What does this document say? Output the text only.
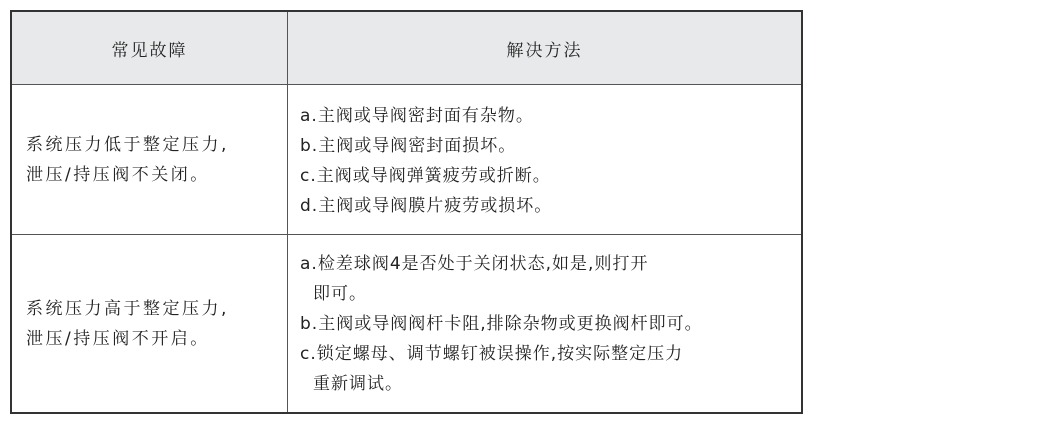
常见故障	解决方法
系统压力低于整定压力,
泄压/持压阀不关闭。
a.主阀或导阀密封面有杂物。
b.主阀或导阀密封面损坏。
c.主阀或导阀弹簧疲劳或折断。
d.主阀或导阀膜片疲劳或损坏。
系统压力高于整定压力,
泄压/持压阀不开启。
a.检差球阀4是否处于关闭状态,如是,则打开
即可。
b.主阀或导阀阀杆卡阻,排除杂物或更换阀杆即可。
c.锁定螺母、调节螺钉被误操作,按实际整定压力
重新调试。
